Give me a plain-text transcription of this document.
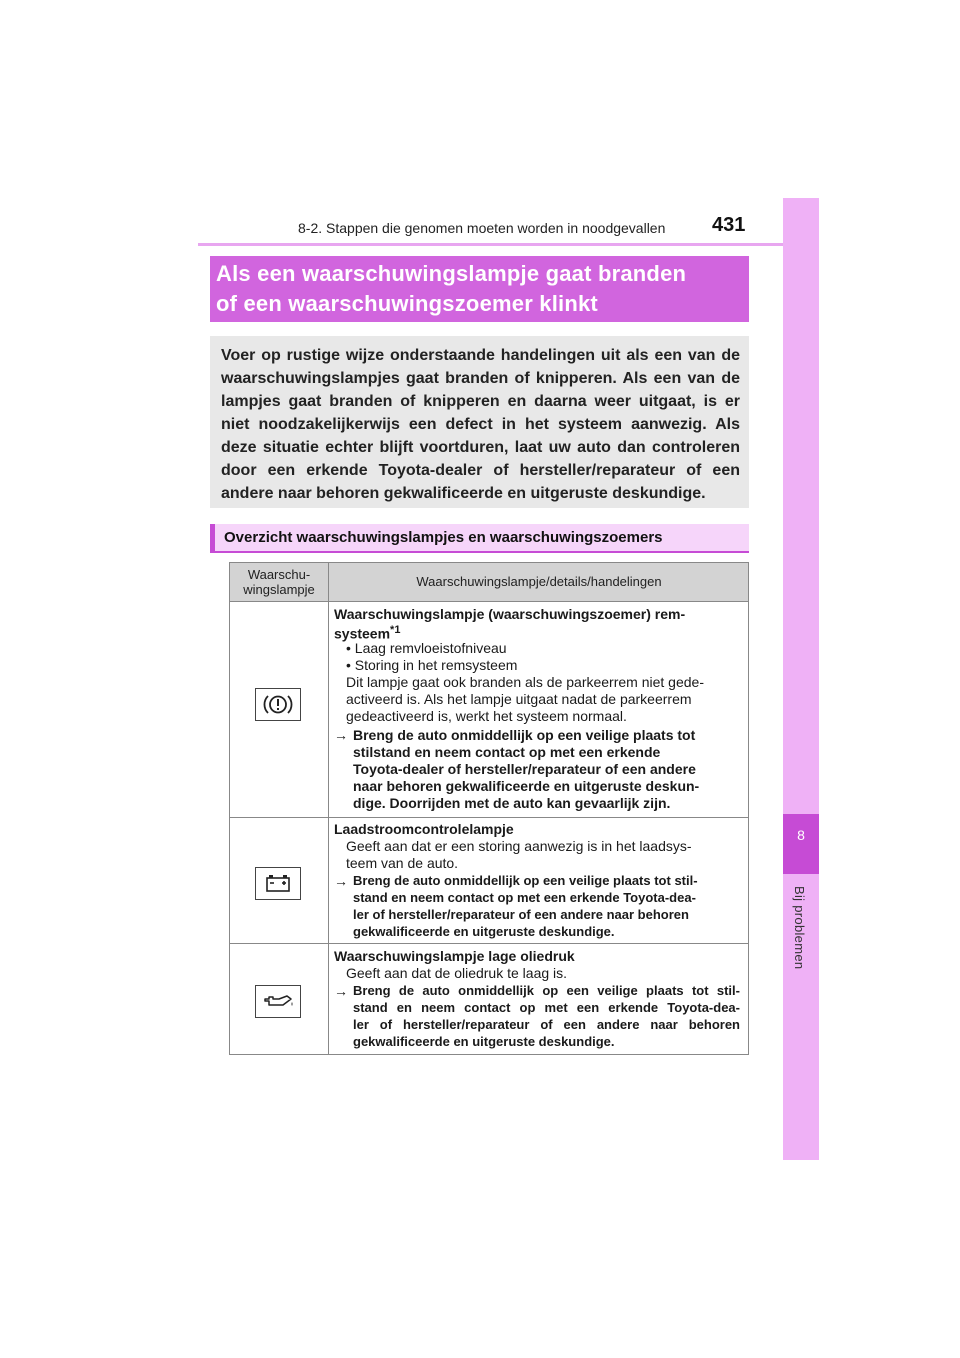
8-2. Stappen die genomen moeten worden in noodgevallen 431
8
Bij problemen
Als een waarschuwingslampje gaat branden
of een waarschuwingszoemer klinkt
Voer op rustige wijze onderstaande handelingen uit als een van de
waarschuwingslampjes gaat branden of knipperen. Als een van de
lampjes gaat branden of knipperen en daarna weer uitgaat, is er
niet noodzakelijkerwijs een defect in het systeem aanwezig. Als
deze situatie echter blijft voortduren, laat uw auto dan controleren
door een erkende Toyota-dealer of hersteller/reparateur of een
andere naar behoren gekwalificeerde en uitgeruste deskundige.
Overzicht waarschuwingslampjes en waarschuwingszoemers
Waarschu-
wingslampje
Waarschuwingslampje/details/handelingen
Waarschuwingslampje (waarschuwingszoemer) rem-
systeem$^{*1}$
• Laag remvloeistofniveau
• Storing in het remsysteem
Dit lampje gaat ook branden als de parkeerrem niet gede-
activeerd is. Als het lampje uitgaat nadat de parkeerrem
gedeactiveerd is, werkt het systeem normaal.
→ Breng de auto onmiddellijk op een veilige plaats tot
stilstand en neem contact op met een erkende
Toyota-dealer of hersteller/reparateur of een andere
naar behoren gekwalificeerde en uitgeruste deskun-
dige. Doorrijden met de auto kan gevaarlijk zijn.
Laadstroomcontrolelampje
Geeft aan dat er een storing aanwezig is in het laadsys-
teem van de auto.
→ Breng de auto onmiddellijk op een veilige plaats tot stil-
stand en neem contact op met een erkende Toyota-dea-
ler of hersteller/reparateur of een andere naar behoren
gekwalificeerde en uitgeruste deskundige.
Waarschuwingslampje lage oliedruk
Geeft aan dat de oliedruk te laag is.
→ Breng de auto onmiddellijk op een veilige plaats tot stil-
stand en neem contact op met een erkende Toyota-dea-
ler of hersteller/reparateur of een andere naar behoren
gekwalificeerde en uitgeruste deskundige.
